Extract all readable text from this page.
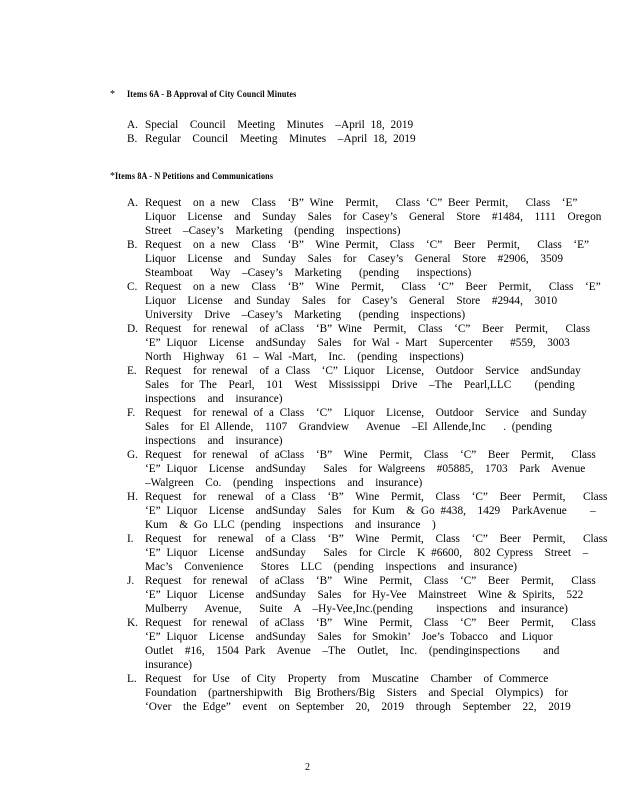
* Items 6A - B Approval of City Council Minutes
A. Special  Council  Meeting  Minutes  –April 18, 2019
B. Regular  Council  Meeting  Minutes  –April 18, 2019
* Items 8A - N Petitions and Communications
A. Request  on a new  Class  ‘B” Wine  Permit,   Class ‘C” Beer Permit,   Class  ‘E”
Liquor  License  and  Sunday  Sales  for Casey’s  General  Store  #1484,  1111  Oregon
Street  –Casey’s  Marketing  (pending  inspections)
B. Request  on a new  Class  ‘B”  Wine Permit,  Class  ‘C”  Beer  Permit,   Class  ‘E”
Liquor  License  and  Sunday  Sales  for  Casey’s  General  Store  #2906,  3509
Steamboat   Way  –Casey’s  Marketing   (pending   inspections)
C. Request  on a new  Class  ‘B”  Wine  Permit,   Class  ‘C”  Beer  Permit,   Class  ‘E”
Liquor  License  and Sunday  Sales  for  Casey’s  General  Store  #2944,  3010
University  Drive  –Casey’s  Marketing   (pending  inspections)
D. Request  for renewal  of aClass  ‘B” Wine  Permit,  Class  ‘C”  Beer  Permit,   Class
‘E” Liquor  License  andSunday  Sales  for Wal - Mart  Supercenter   #559,  3003
North  Highway  61 – Wal -Mart,  Inc.  (pending  inspections)
E. Request  for renewal  of a Class  ‘C” Liquor  License,  Outdoor  Service  andSunday
Sales  for The  Pearl,  101  West  Mississippi  Drive  –The  Pearl,LLC    (pending
inspections  and  insurance)
F. Request  for renewal of a Class  ‘C”  Liquor  License,  Outdoor  Service  and Sunday
Sales  for El Allende,  1107  Grandview   Avenue  –El Allende,Inc   . (pending
inspections  and  insurance)
G. Request  for renewal  of aClass  ‘B”  Wine  Permit,  Class  ‘C”  Beer  Permit,   Class
‘E” Liquor  License  andSunday   Sales  for Walgreens  #05885,  1703  Park  Avenue
–Walgreen  Co.  (pending  inspections  and  insurance)
H. Request  for  renewal  of a Class  ‘B”  Wine  Permit,  Class  ‘C”  Beer  Permit,   Class
‘E” Liquor  License  andSunday  Sales  for Kum  & Go #438,  1429  ParkAvenue    –
Kum  & Go LLC (pending  inspections  and insurance  )
I.	Request  for  renewal  of a Class  ‘B”  Wine  Permit,  Class  ‘C”  Beer  Permit,   Class
‘E” Liquor  License  andSunday   Sales  for Circle  K #6600,  802 Cypress  Street  –
Mac’s  Convenience   Stores  LLC  (pending  inspections  and insurance)
J. Request  for renewal  of aClass  ‘B”  Wine  Permit,  Class  ‘C”  Beer  Permit,   Class
‘E” Liquor  License  andSunday  Sales  for Hy-Vee  Mainstreet  Wine & Spirits,  522
Mulberry   Avenue,   Suite  A  –Hy-Vee,Inc.(pending    inspections  and insurance)
K. Request  for renewal  of aClass  ‘B”  Wine  Permit,  Class  ‘C”  Beer  Permit,   Class
‘E” Liquor  License  andSunday  Sales  for Smokin’  Joe’s Tobacco  and Liquor
Outlet  #16,  1504 Park  Avenue  –The  Outlet,  Inc.  (pendinginspections    and
insurance)
L. Request  for Use  of City  Property  from  Muscatine  Chamber  of Commerce
Foundation  (partnershipwith  Big Brothers/Big  Sisters  and Special  Olympics)  for
‘Over  the Edge”  event  on September  20,  2019  through  September  22,  2019
2
